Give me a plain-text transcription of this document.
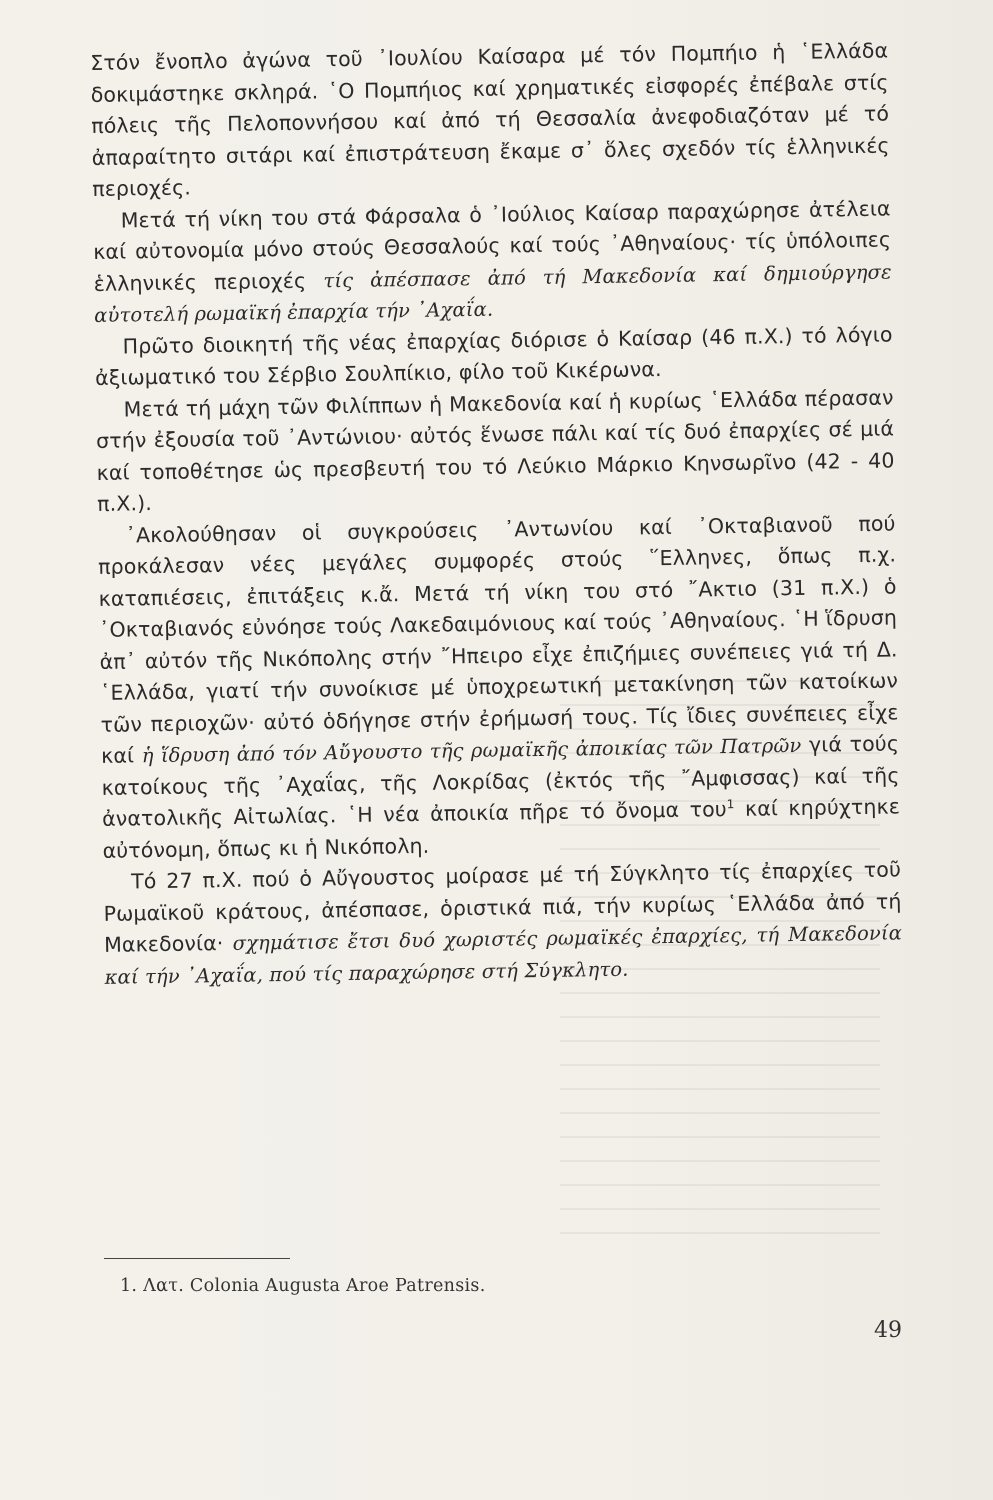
Στόν ἔνοπλο ἀγώνα τοῦ ᾿Ιουλίου Καίσαρα μέ τόν Πομπήιο ἡ ῾Ελλάδα δοκιμάστηκε σκληρά. ῾Ο Πομπήιος καί χρηματικές εἰσφορές ἐπέβαλε στίς πόλεις τῆς Πελοποννήσου καί ἀπό τή Θεσσαλία ἀνεφοδιαζόταν μέ τό ἀπαραίτητο σιτάρι καί ἐπιστράτευση ἔκαμε σ᾿ ὅλες σχεδόν τίς ἑλληνικές περιοχές.

Μετά τή νίκη του στά Φάρσαλα ὁ ᾿Ιούλιος Καίσαρ παραχώρησε ἀτέλεια καί αὐτονομία μόνο στούς Θεσσαλούς καί τούς ᾿Αθηναίους· τίς ὑπόλοιπες ἑλληνικές περιοχές τίς ἀπέσπασε ἀπό τή Μακεδονία καί δημιούργησε αὐτοτελή ρωμαϊκή ἐπαρχία τήν ᾿Αχαΐα.

Πρῶτο διοικητή τῆς νέας ἐπαρχίας διόρισε ὁ Καίσαρ (46 π.Χ.) τό λόγιο ἀξιωματικό του Σέρβιο Σουλπίκιο, φίλο τοῦ Κικέρωνα.

Μετά τή μάχη τῶν Φιλίππων ἡ Μακεδονία καί ἡ κυρίως ῾Ελλάδα πέρασαν στήν ἐξουσία τοῦ ᾿Αντώνιου· αὐτός ἕνωσε πάλι καί τίς δυό ἐπαρχίες σέ μιά καί τοποθέτησε ὡς πρεσβευτή του τό Λεύκιο Μάρκιο Κηνσωρῖνο (42 - 40 π.Χ.).

᾿Ακολούθησαν οἱ συγκρούσεις ᾿Αντωνίου καί ᾿Οκταβιανοῦ πού προκάλεσαν νέες μεγάλες συμφορές στούς ῞Ελληνες, ὅπως π.χ. καταπιέσεις, ἐπιτάξεις κ.ἄ. Μετά τή νίκη του στό ῎Ακτιο (31 π.Χ.) ὁ ᾿Οκταβιανός εὐνόησε τούς Λακεδαιμόνιους καί τούς ᾿Αθηναίους. ῾Η ἵδρυση ἀπ᾿ αὐτόν τῆς Νικόπολης στήν ῎Ηπειρο εἶχε ἐπιζήμιες συνέπειες γιά τή Δ. ῾Ελλάδα, γιατί τήν συνοίκισε μέ ὑποχρεωτική μετακίνηση τῶν κατοίκων τῶν περιοχῶν· αὐτό ὁδήγησε στήν ἐρήμωσή τους. Τίς ἴδιες συνέπειες εἶχε καί ἡ ἵδρυση ἀπό τόν Αὔγουστο τῆς ρωμαϊκῆς ἀποικίας τῶν Πατρῶν γιά τούς κατοίκους τῆς ᾿Αχαΐας, τῆς Λοκρίδας (ἐκτός τῆς ῎Αμφισσας) καί τῆς ἀνατολικῆς Αἰτωλίας. ῾Η νέα ἀποικία πῆρε τό ὄνομα του$^1$ καί κηρύχτηκε αὐτόνομη, ὅπως κι ἡ Νικόπολη.

Τό 27 π.Χ. πού ὁ Αὔγουστος μοίρασε μέ τή Σύγκλητο τίς ἐπαρχίες τοῦ Ρωμαϊκοῦ κράτους, ἀπέσπασε, ὁριστικά πιά, τήν κυρίως ῾Ελλάδα ἀπό τή Μακεδονία· σχημάτισε ἔτσι δυό χωριστές ρωμαϊκές ἐπαρχίες, τή Μακεδονία καί τήν ᾿Αχαΐα, πού τίς παραχώρησε στή Σύγκλητο.

1. Λατ. Colonia Augusta Aroe Patrensis.
49
